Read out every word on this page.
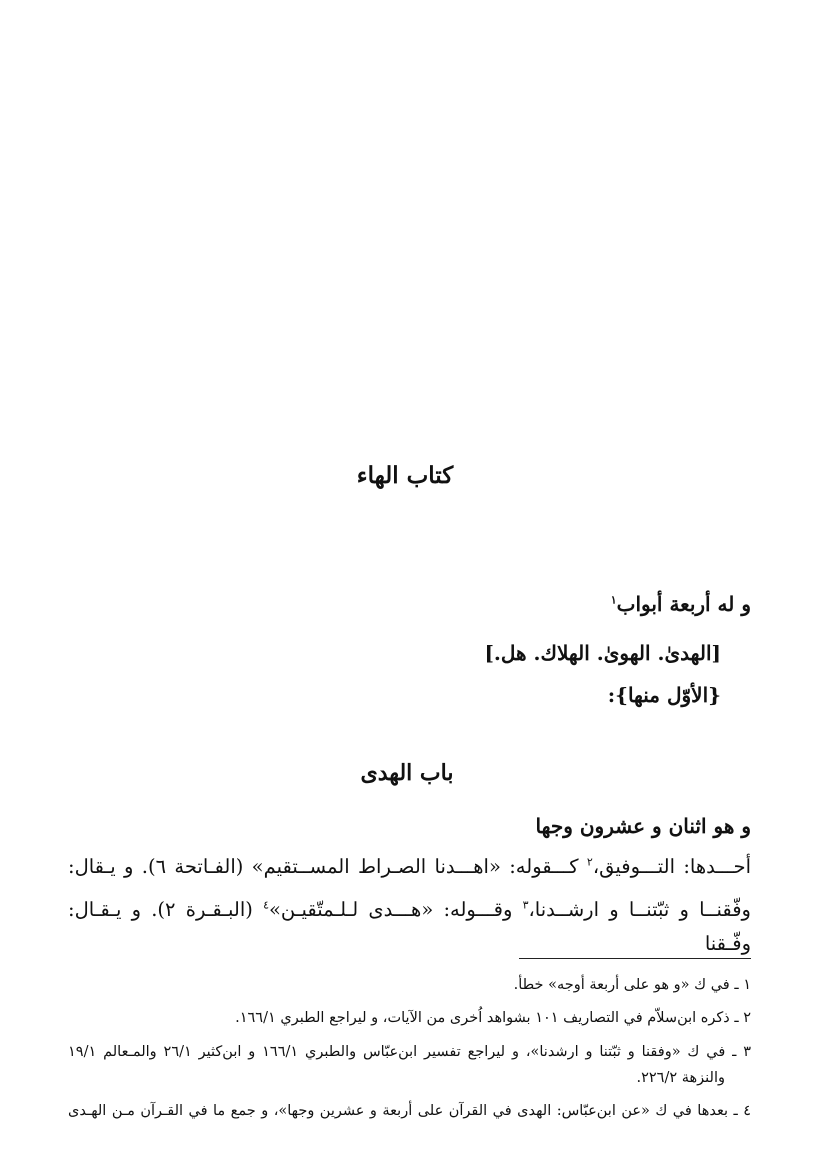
كتاب الهاء
و له أربعة أبواب$^١$
[الهدىٰ. الهوىٰ. الهلاك. هل.]
{الأوّل منها}:
باب الهدى
و هو اثنان و عشرون وجها
أحـــدها: التـــوفيق،$^٢$ كـــقوله: «اهـــدنا الصـراط المســتقيم» (الفـاتحة ٦). و يـقال:
وفّقنــا و ثبّتنــا و ارشــدنا،$^٣$ وقـــوله: «هـــدى لـلـمتّقيـن»$^٤$ (البـقـرة ٢). و يـقـال: وفّـقنا
١ ـ في ك «و هو على أربعة أوجه» خطأ.
٢ ـ ذكره ابن‌سلاّم في التصاريف ١٠١ بشواهد اُخرى من الآيات، و ليراجع الطبري ١٦٦/١.
٣ ـ في ك «وفقنا و ثبّتنا و ارشدنا»، و ليراجع تفسير ابن‌عبّاس والطبري ١٦٦/١ و ابن‌كثير ٢٦/١ والمـعالم ١٩/١
والنزهة ٢٢٦/٢.
٤ ـ بعدها في ك «عن ابن‌عبّاس: الهدى في القرآن على أربعة و عشرين وجها»، و جمع ما في القـرآن مـن الهـدى
